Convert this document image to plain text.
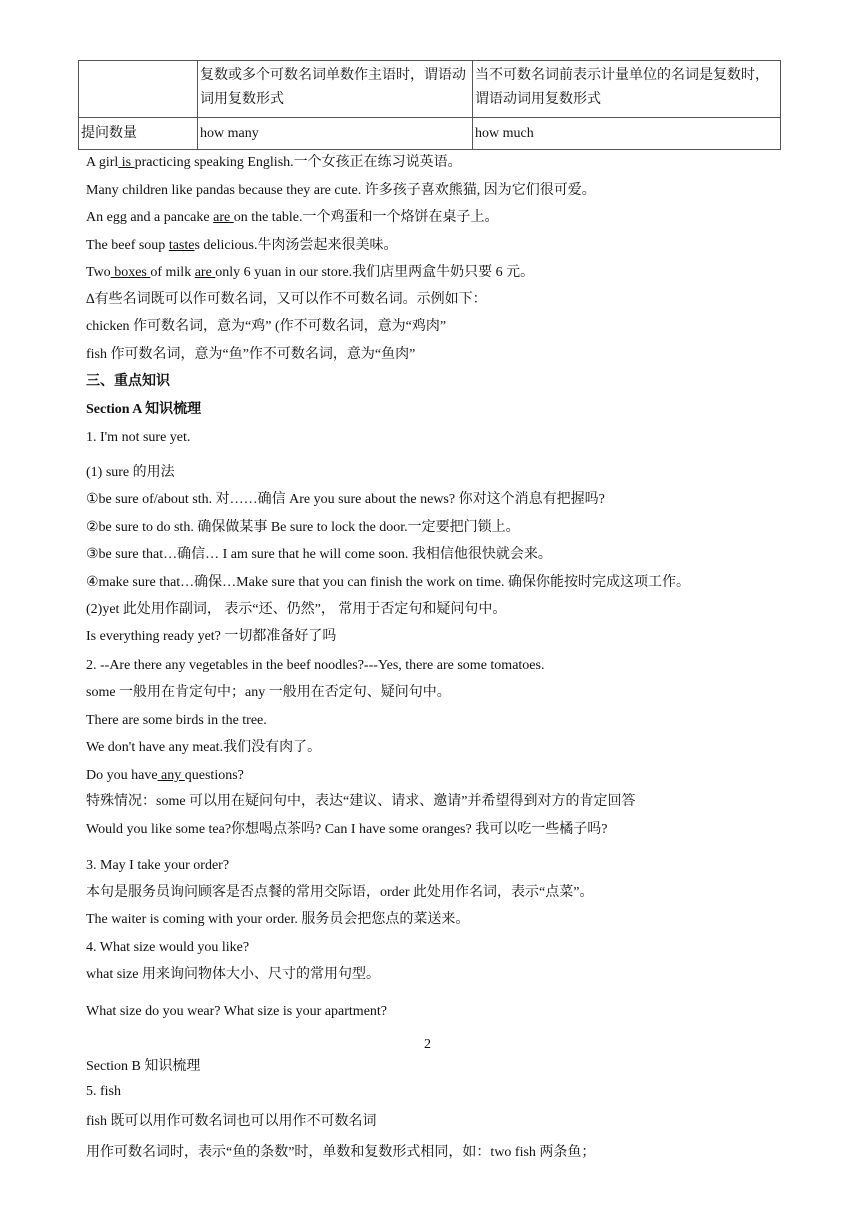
	复数或多个可数名词单数作主语时，谓语动词用复数形式	当不可数名词前表示计量单位的名词是复数时， 谓语动词用复数形式
提问数量	how many	how much
A girl is practicing speaking English.一个女孩正在练习说英语。
Many children like pandas because they are cute. 许多孩子喜欢熊猫, 因为它们很可爱。
An egg and a pancake are on the table.一个鸡蛋和一个烙饼在桌子上。
The beef soup tastes delicious.牛肉汤尝起来很美味。
Two boxes of milk are only 6 yuan in our store.我们店里两盒牛奶只要 6 元。
∆有些名词既可以作可数名词，又可以作不可数名词。示例如下：
chicken 作可数名词，意为“鸡” (作不可数名词，意为“鸡肉”
fish 作可数名词，意为“鱼”作不可数名词，意为“鱼肉”
三、重点知识
Section A 知识梳理
1. I'm not sure yet.
(1) sure 的用法
①be sure of/about sth. 对……确信 Are you sure about the news? 你对这个消息有把握吗?
②be sure to do sth. 确保做某事 Be sure to lock the door.一定要把门锁上。
③be sure that…确信… I am sure that he will come soon. 我相信他很快就会来。
④make sure that…确保…Make sure that you can finish the work on time. 确保你能按时完成这项工作。
(2)yet 此处用作副词， 表示“还、仍然”， 常用于否定句和疑问句中。
Is everything ready yet? 一切都准备好了吗
2. --Are there any vegetables in the beef noodles?---Yes, there are some tomatoes.
some 一般用在肯定句中；any 一般用在否定句、疑问句中。
There are some birds in the tree.
We don't have any meat.我们没有肉了。
Do you have any questions?
特殊情况：some 可以用在疑问句中，表达“建议、请求、邀请”并希望得到对方的肯定回答
Would you like some tea?你想喝点茶吗? Can I have some oranges? 我可以吃一些橘子吗?
3. May I take your order?
本句是服务员询问顾客是否点餐的常用交际语，order 此处用作名词，表示“点菜”。
The waiter is coming with your order. 服务员会把您点的菜送来。
4. What size would you like?
what size 用来询问物体大小、尺寸的常用句型。
What size do you wear? What size is your apartment?
2
Section B 知识梳理
5. fish
fish 既可以用作可数名词也可以用作不可数名词
用作可数名词时，表示“鱼的条数”时，单数和复数形式相同，如：two fish 两条鱼；
